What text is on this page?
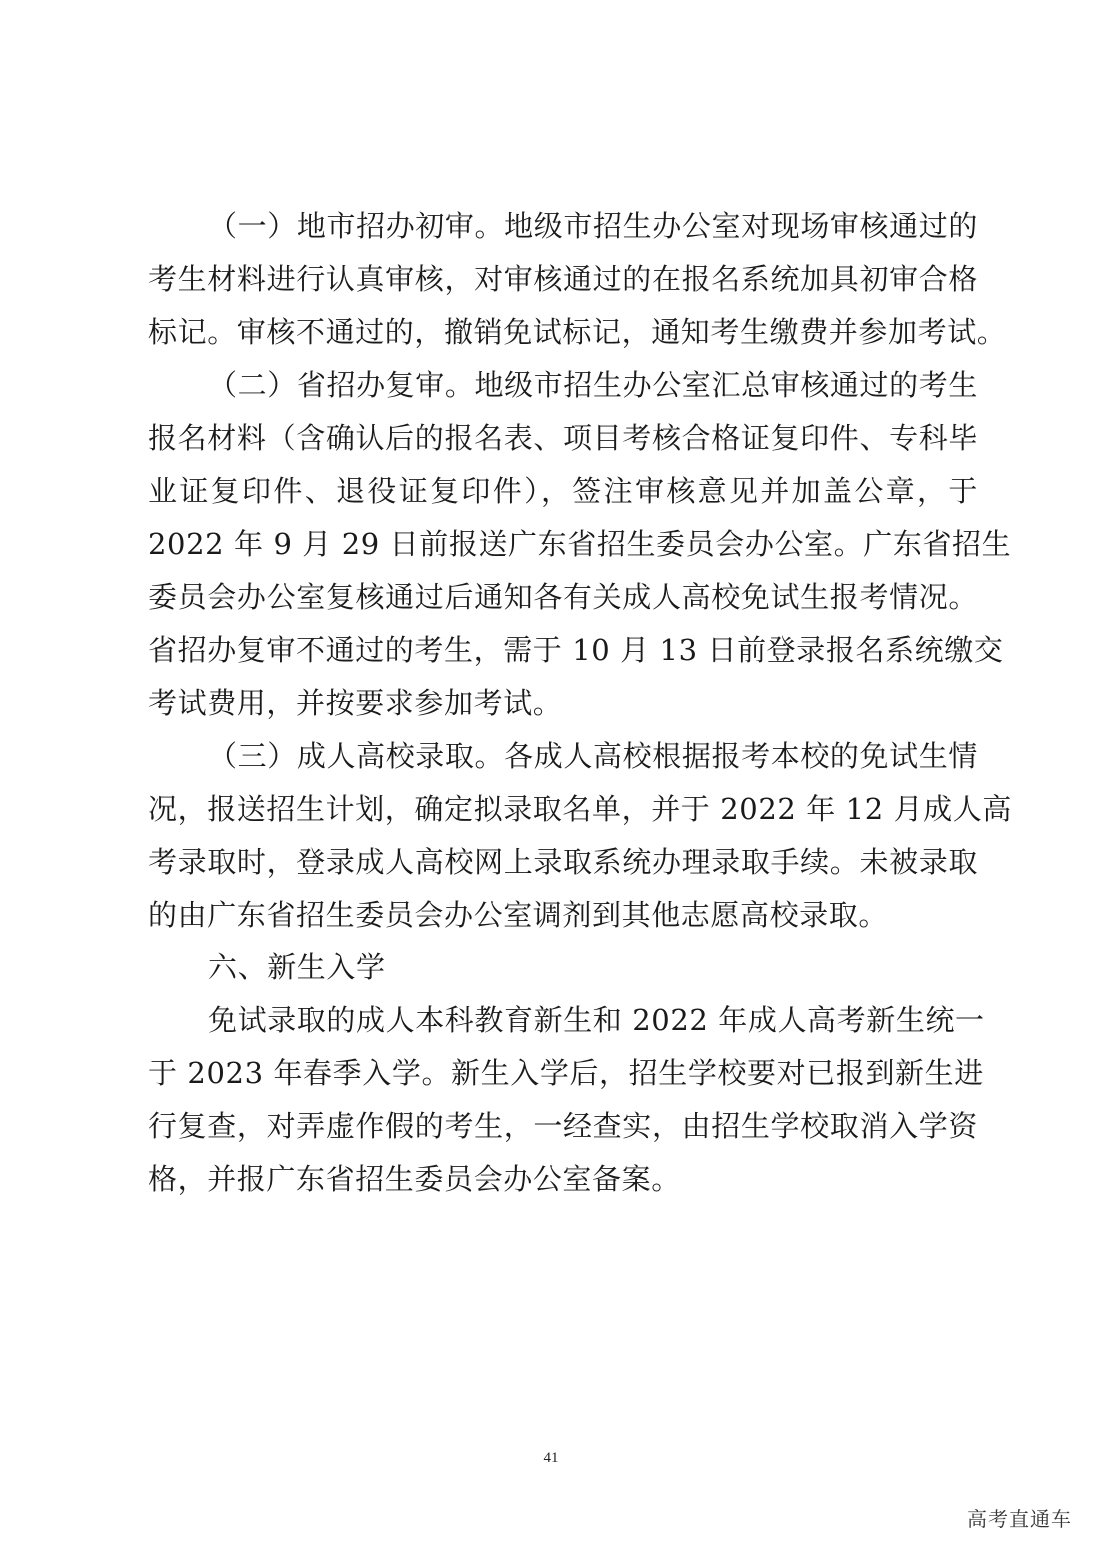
（一）地市招办初审。地级市招生办公室对现场审核通过的
考生材料进行认真审核，对审核通过的在报名系统加具初审合格
标记。审核不通过的，撤销免试标记，通知考生缴费并参加考试。
（二）省招办复审。地级市招生办公室汇总审核通过的考生
报名材料（含确认后的报名表、项目考核合格证复印件、专科毕
业证复印件、退役证复印件），签注审核意见并加盖公章，于
2022 年 9 月 29 日前报送广东省招生委员会办公室。广东省招生
委员会办公室复核通过后通知各有关成人高校免试生报考情况。
省招办复审不通过的考生，需于 10 月 13 日前登录报名系统缴交
考试费用，并按要求参加考试。
（三）成人高校录取。各成人高校根据报考本校的免试生情
况，报送招生计划，确定拟录取名单，并于 2022 年 12 月成人高
考录取时，登录成人高校网上录取系统办理录取手续。未被录取
的由广东省招生委员会办公室调剂到其他志愿高校录取。
六、新生入学
免试录取的成人本科教育新生和 2022 年成人高考新生统一
于 2023 年春季入学。新生入学后，招生学校要对已报到新生进
行复查，对弄虚作假的考生，一经查实，由招生学校取消入学资
格，并报广东省招生委员会办公室备案。
41
高考直通车
